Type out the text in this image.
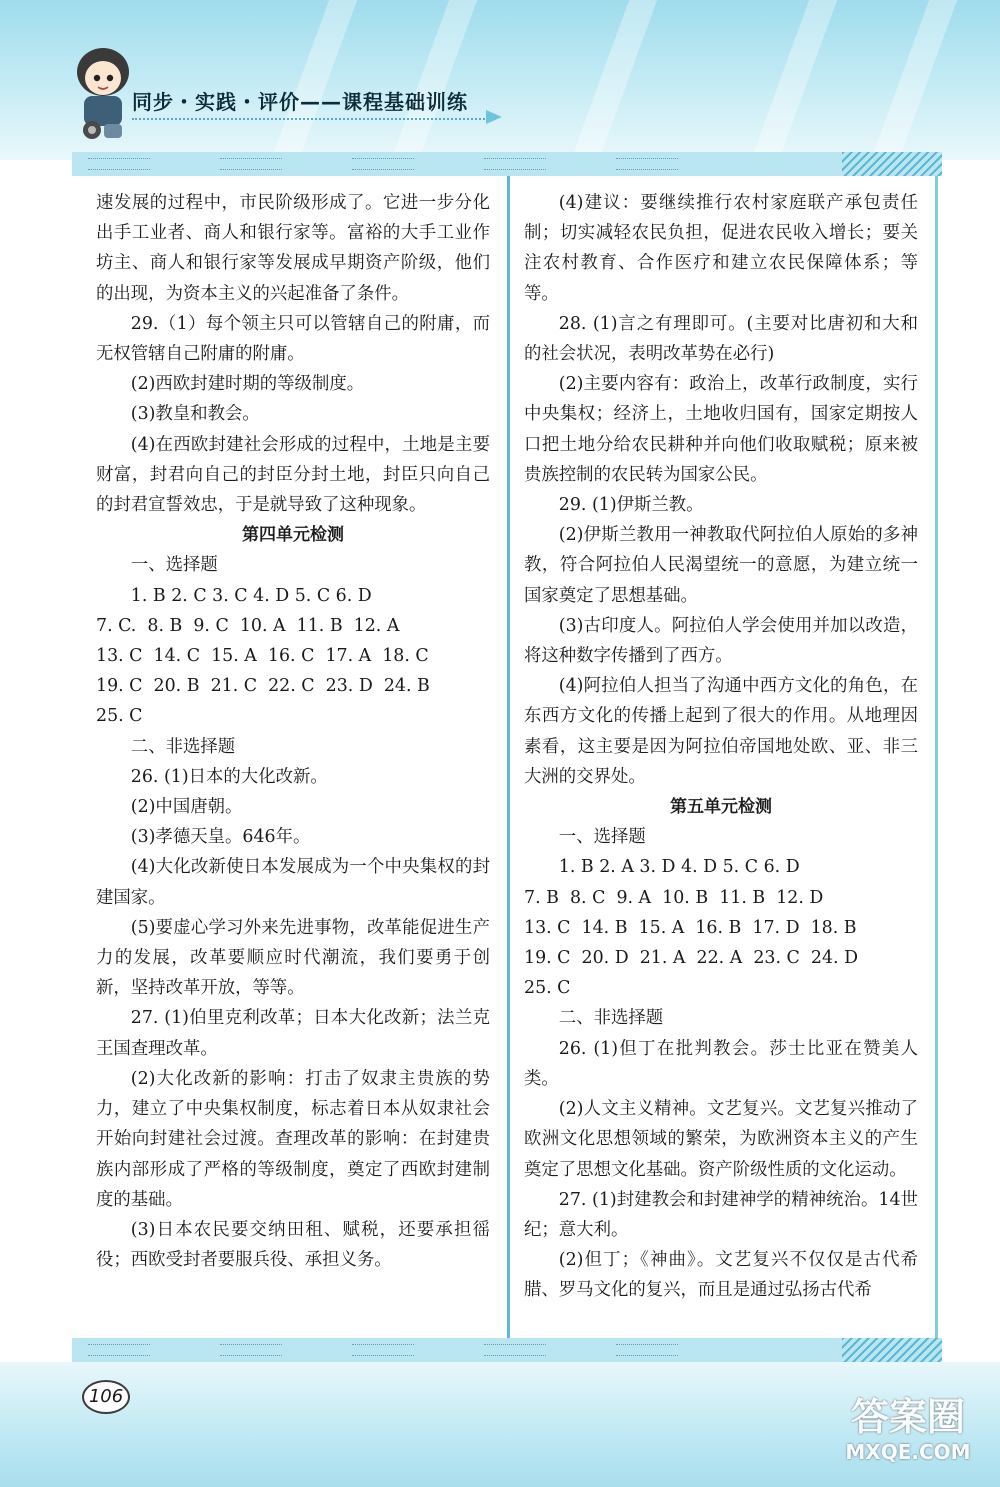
同步・实践・评价——课程基础训练

速发展的过程中，市民阶级形成了。它进一步分化出手工业者、商人和银行家等。富裕的大手工业作坊主、商人和银行家等发展成早期资产阶级，他们的出现，为资本主义的兴起准备了条件。

29.（1）每个领主只可以管辖自己的附庸，而无权管辖自己附庸的附庸。

(2)西欧封建时期的等级制度。

(3)教皇和教会。

(4)在西欧封建社会形成的过程中，土地是主要财富，封君向自己的封臣分封土地，封臣只向自己的封君宣誓效忠，于是就导致了这种现象。

第四单元检测

一、选择题

1. B 2. C 3. C 4. D 5. C 6. D

7. C.  8. B  9. C  10. A  11. B  12. A

13. C  14. C  15. A  16. C  17. A  18. C

19. C  20. B  21. C  22. C  23. D  24. B

25. C

二、非选择题

26. (1)日本的大化改新。

(2)中国唐朝。

(3)孝德天皇。646年。

(4)大化改新使日本发展成为一个中央集权的封建国家。

(5)要虚心学习外来先进事物，改革能促进生产力的发展，改革要顺应时代潮流，我们要勇于创新，坚持改革开放，等等。

27. (1)伯里克利改革；日本大化改新；法兰克王国查理改革。

(2)大化改新的影响：打击了奴隶主贵族的势力，建立了中央集权制度，标志着日本从奴隶社会开始向封建社会过渡。查理改革的影响：在封建贵族内部形成了严格的等级制度，奠定了西欧封建制度的基础。

(3)日本农民要交纳田租、赋税，还要承担徭役；西欧受封者要服兵役、承担义务。

(4)建议：要继续推行农村家庭联产承包责任制；切实减轻农民负担，促进农民收入增长；要关注农村教育、合作医疗和建立农民保障体系；等等。

28. (1)言之有理即可。(主要对比唐初和大和的社会状况，表明改革势在必行)

(2)主要内容有：政治上，改革行政制度，实行中央集权；经济上，土地收归国有，国家定期按人口把土地分给农民耕种并向他们收取赋税；原来被贵族控制的农民转为国家公民。

29. (1)伊斯兰教。

(2)伊斯兰教用一神教取代阿拉伯人原始的多神教，符合阿拉伯人民渴望统一的意愿，为建立统一国家奠定了思想基础。

(3)古印度人。阿拉伯人学会使用并加以改造，将这种数字传播到了西方。

(4)阿拉伯人担当了沟通中西方文化的角色，在东西方文化的传播上起到了很大的作用。从地理因素看，这主要是因为阿拉伯帝国地处欧、亚、非三大洲的交界处。

第五单元检测

一、选择题

1. B 2. A 3. D 4. D 5. C 6. D

7. B  8. C  9. A  10. B  11. B  12. D

13. C  14. B  15. A  16. B  17. D  18. B

19. C  20. D  21. A  22. A  23. C  24. D

25. C

二、非选择题

26. (1)但丁在批判教会。莎士比亚在赞美人类。

(2)人文主义精神。文艺复兴。文艺复兴推动了欧洲文化思想领域的繁荣，为欧洲资本主义的产生奠定了思想文化基础。资产阶级性质的文化运动。

27. (1)封建教会和封建神学的精神统治。14世纪；意大利。

(2)但丁；《神曲》。文艺复兴不仅仅是古代希腊、罗马文化的复兴，而且是通过弘扬古代希

106	答案圈
MXQE.COM
